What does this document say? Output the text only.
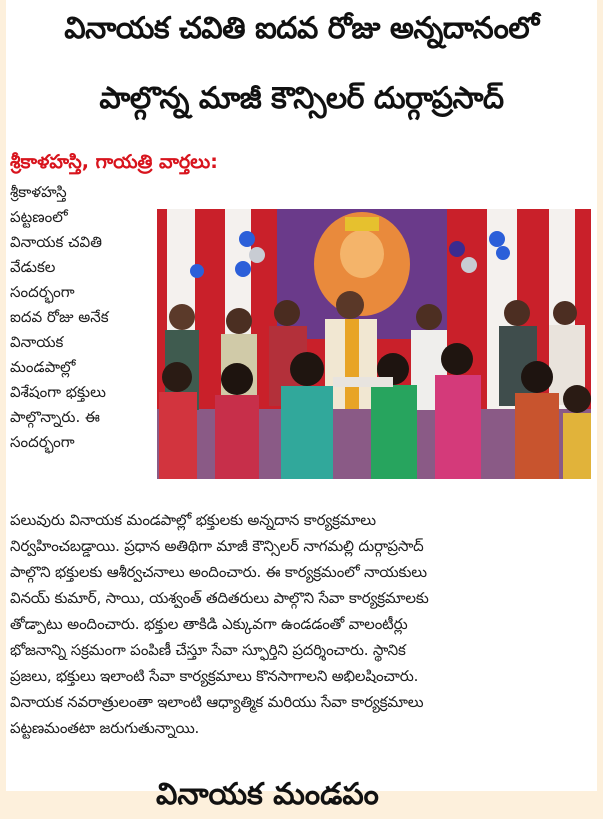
వినాయక చవితి ఐదవ రోజు అన్నదానంలో
పాల్గొన్న మాజీ కౌన్సిలర్ దుర్గాప్రసాద్
శ్రీకాళహస్తి, గాయత్రి వార్తలు:
శ్రీకాళహస్తి
పట్టణంలో
వినాయక చవితి
వేడుకల
సందర్భంగా
ఐదవ రోజు అనేక
వినాయక
మండపాల్లో
విశేషంగా భక్తులు
పాల్గొన్నారు. ఈ
సందర్భంగా
పలువురు వినాయక మండపాల్లో భక్తులకు అన్నదాన కార్యక్రమాలు
నిర్వహించబడ్డాయి. ప్రధాన అతిథిగా మాజీ కౌన్సిలర్ నాగమల్లి దుర్గాప్రసాద్
పాల్గొని భక్తులకు ఆశీర్వచనాలు అందించారు. ఈ కార్యక్రమంలో నాయకులు
వినయ్ కుమార్, సాయి, యశ్వంత్ తదితరులు పాల్గొని సేవా కార్యక్రమాలకు
తోడ్పాటు అందించారు. భక్తుల తాకిడి ఎక్కువగా ఉండడంతో వాలంటీర్లు
భోజనాన్ని సక్రమంగా పంపిణీ చేస్తూ సేవా స్ఫూర్తిని ప్రదర్శించారు. స్థానిక
ప్రజలు, భక్తులు ఇలాంటి సేవా కార్యక్రమాలు కొనసాగాలని అభిలషించారు.
వినాయక నవరాత్రులంతా ఇలాంటి ఆధ్యాత్మిక మరియు సేవా కార్యక్రమాలు
పట్టణమంతటా జరుగుతున్నాయి.
వినాయక మండపం
